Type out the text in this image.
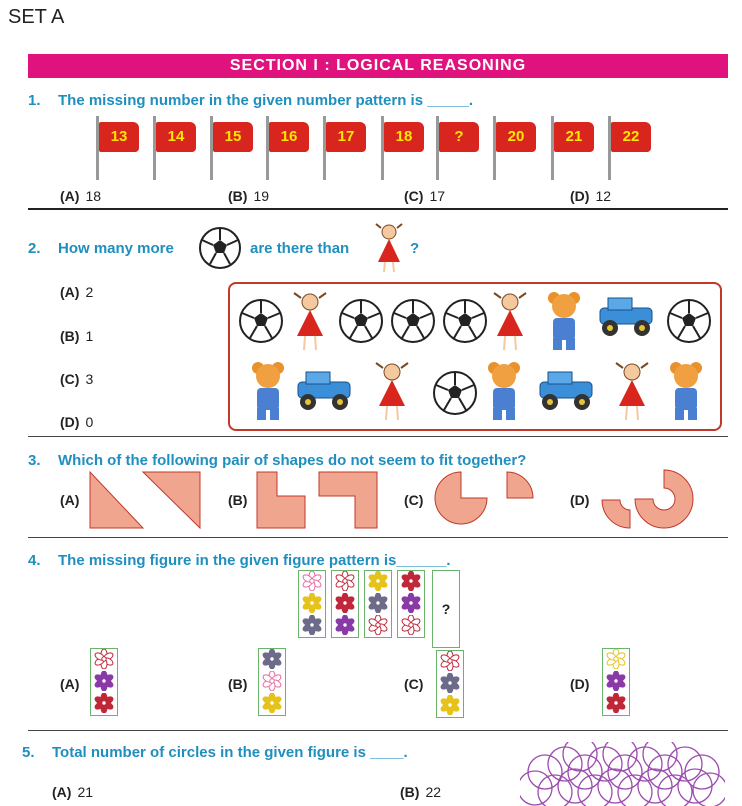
SET A
SECTION I : LOGICAL REASONING
1. The missing number in the given number pattern is _____.
13	14	15	16	17	18	?	20	21	22
(A) 18	(B) 19	(C) 17	(D) 12
2. How many more	are there than	?
(A) 2
(B) 1
(C) 3
(D) 0
3. Which of the following pair of shapes do not seem to fit together?
(A)	(B)	(C)	(D)
4. The missing figure in the given figure pattern is______.
?
(A)	(B)	(C)	(D)
5. Total number of circles in the given figure is ____.
(A) 21	(B) 22
